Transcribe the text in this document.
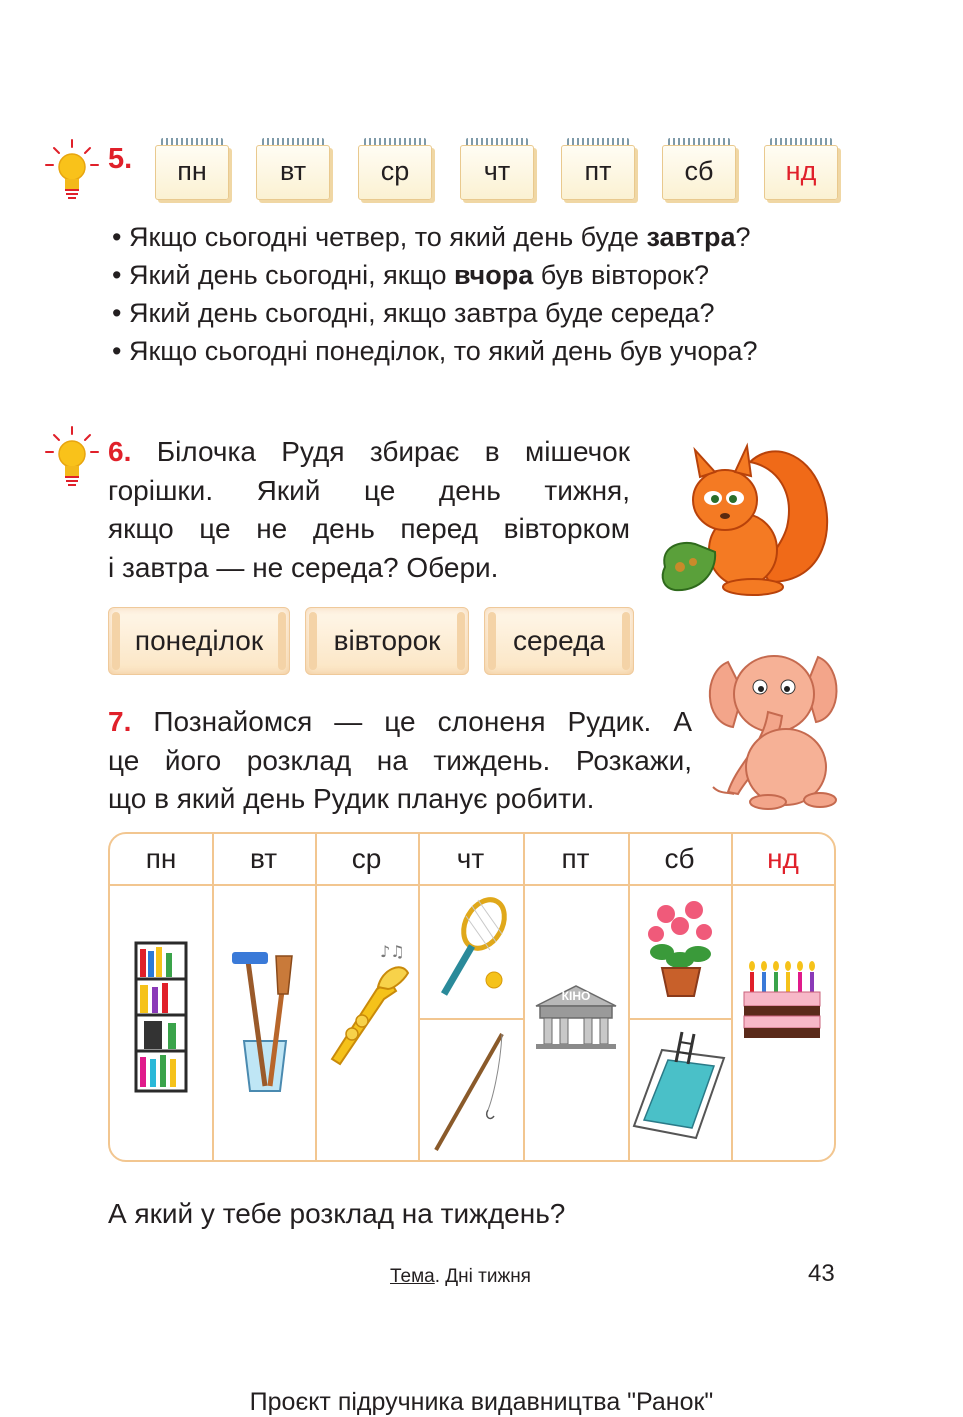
5.	пн	вт	ср	чт	пт	сб	нд
• Якщо сьогодні четвер, то який день буде завтра?
• Який день сьогодні, якщо вчора був вівторок?
• Який день сьогодні, якщо завтра буде середа?
• Якщо сьогодні понеділок, то який день був учора?
6. Білочка Рудя збирає в мішечок
горішки. Який це день тижня,
якщо це не день перед вівторком
і завтра — не середа? Обери.
понеділок	вівторок	середа
7. Познайомся — це слоненя Рудик. А
це його розклад на тиждень. Розкажи,
що в який день Рудик планує робити.
пн	вт	ср	чт	пт	сб	нд
♪♫
КІНО
А який у тебе розклад на тиждень?
Тема. Дні тижня	43
Проєкт підручника видавництва "Ранок"
